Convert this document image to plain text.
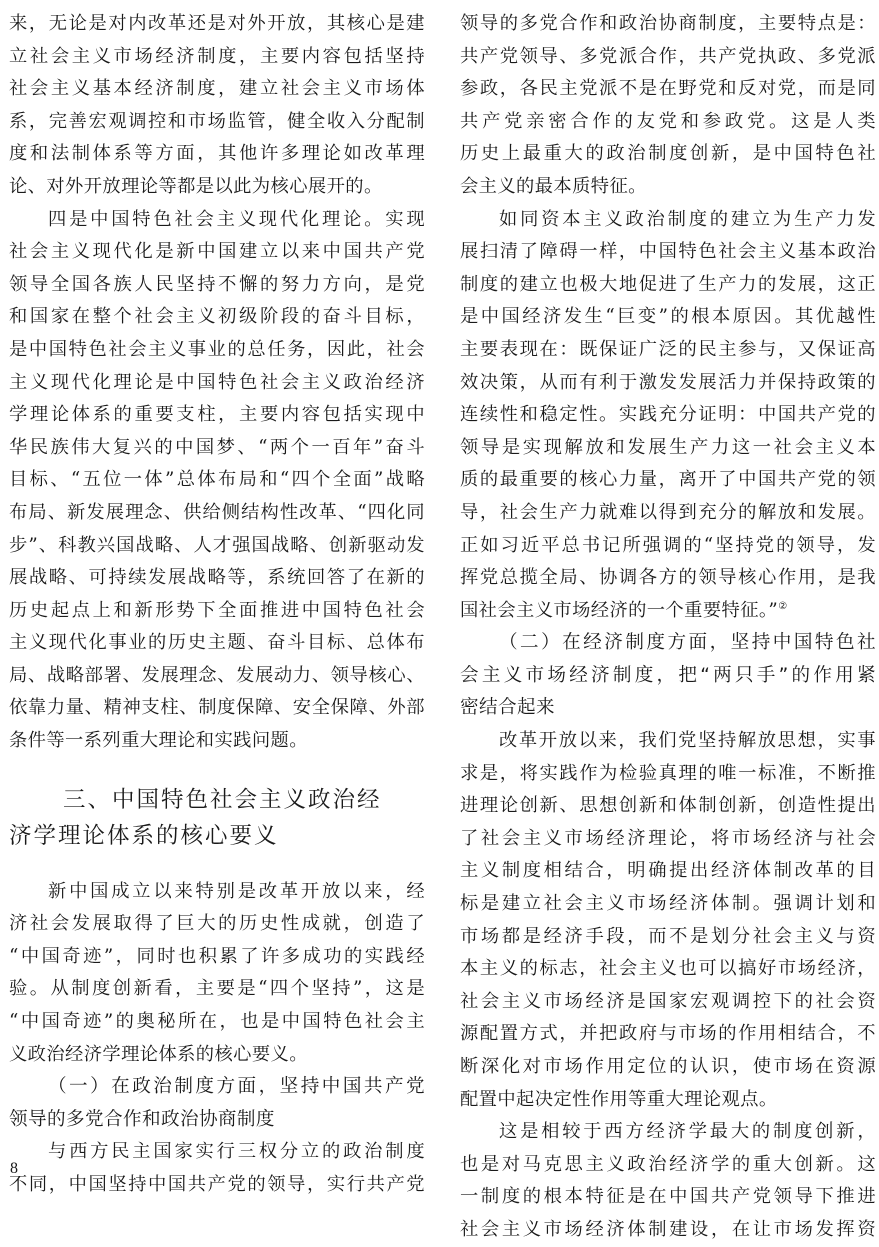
来，无论是对内改革还是对外开放，其核心是建
立社会主义市场经济制度，主要内容包括坚持
社会主义基本经济制度，建立社会主义市场体
系，完善宏观调控和市场监管，健全收入分配制
度和法制体系等方面，其他许多理论如改革理
论、对外开放理论等都是以此为核心展开的。
四是中国特色社会主义现代化理论。实现
社会主义现代化是新中国建立以来中国共产党
领导全国各族人民坚持不懈的努力方向，是党
和国家在整个社会主义初级阶段的奋斗目标，
是中国特色社会主义事业的总任务，因此，社会
主义现代化理论是中国特色社会主义政治经济
学理论体系的重要支柱，主要内容包括实现中
华民族伟大复兴的中国梦、“两个一百年”奋斗
目标、“五位一体”总体布局和“四个全面”战略
布局、新发展理念、供给侧结构性改革、“四化同
步”、科教兴国战略、人才强国战略、创新驱动发
展战略、可持续发展战略等，系统回答了在新的
历史起点上和新形势下全面推进中国特色社会
主义现代化事业的历史主题、奋斗目标、总体布
局、战略部署、发展理念、发展动力、领导核心、
依靠力量、精神支柱、制度保障、安全保障、外部
条件等一系列重大理论和实践问题。
三、中国特色社会主义政治经
济学理论体系的核心要义
新中国成立以来特别是改革开放以来，经
济社会发展取得了巨大的历史性成就，创造了
“中国奇迹”，同时也积累了许多成功的实践经
验。从制度创新看，主要是“四个坚持”，这是
“中国奇迹”的奥秘所在，也是中国特色社会主
义政治经济学理论体系的核心要义。
（一）在政治制度方面，坚持中国共产党
领导的多党合作和政治协商制度
与西方民主国家实行三权分立的政治制度
不同，中国坚持中国共产党的领导，实行共产党
领导的多党合作和政治协商制度，主要特点是：
共产党领导、多党派合作，共产党执政、多党派
参政，各民主党派不是在野党和反对党，而是同
共产党亲密合作的友党和参政党。这是人类
历史上最重大的政治制度创新，是中国特色社
会主义的最本质特征。
如同资本主义政治制度的建立为生产力发
展扫清了障碍一样，中国特色社会主义基本政治
制度的建立也极大地促进了生产力的发展，这正
是中国经济发生“巨变”的根本原因。其优越性
主要表现在：既保证广泛的民主参与，又保证高
效决策，从而有利于激发发展活力并保持政策的
连续性和稳定性。实践充分证明：中国共产党的
领导是实现解放和发展生产力这一社会主义本
质的最重要的核心力量，离开了中国共产党的领
导，社会生产力就难以得到充分的解放和发展。
正如习近平总书记所强调的“坚持党的领导，发
挥党总揽全局、协调各方的领导核心作用，是我
国社会主义市场经济的一个重要特征。”②
（二）在经济制度方面，坚持中国特色社
会主义市场经济制度，把“两只手”的作用紧
密结合起来
改革开放以来，我们党坚持解放思想，实事
求是，将实践作为检验真理的唯一标准，不断推
进理论创新、思想创新和体制创新，创造性提出
了社会主义市场经济理论，将市场经济与社会
主义制度相结合，明确提出经济体制改革的目
标是建立社会主义市场经济体制。强调计划和
市场都是经济手段，而不是划分社会主义与资
本主义的标志，社会主义也可以搞好市场经济，
社会主义市场经济是国家宏观调控下的社会资
源配置方式，并把政府与市场的作用相结合，不
断深化对市场作用定位的认识，使市场在资源
配置中起决定性作用等重大理论观点。
这是相较于西方经济学最大的制度创新，
也是对马克思主义政治经济学的重大创新。这
一制度的根本特征是在中国共产党领导下推进
社会主义市场经济体制建设，在让市场发挥资
8
